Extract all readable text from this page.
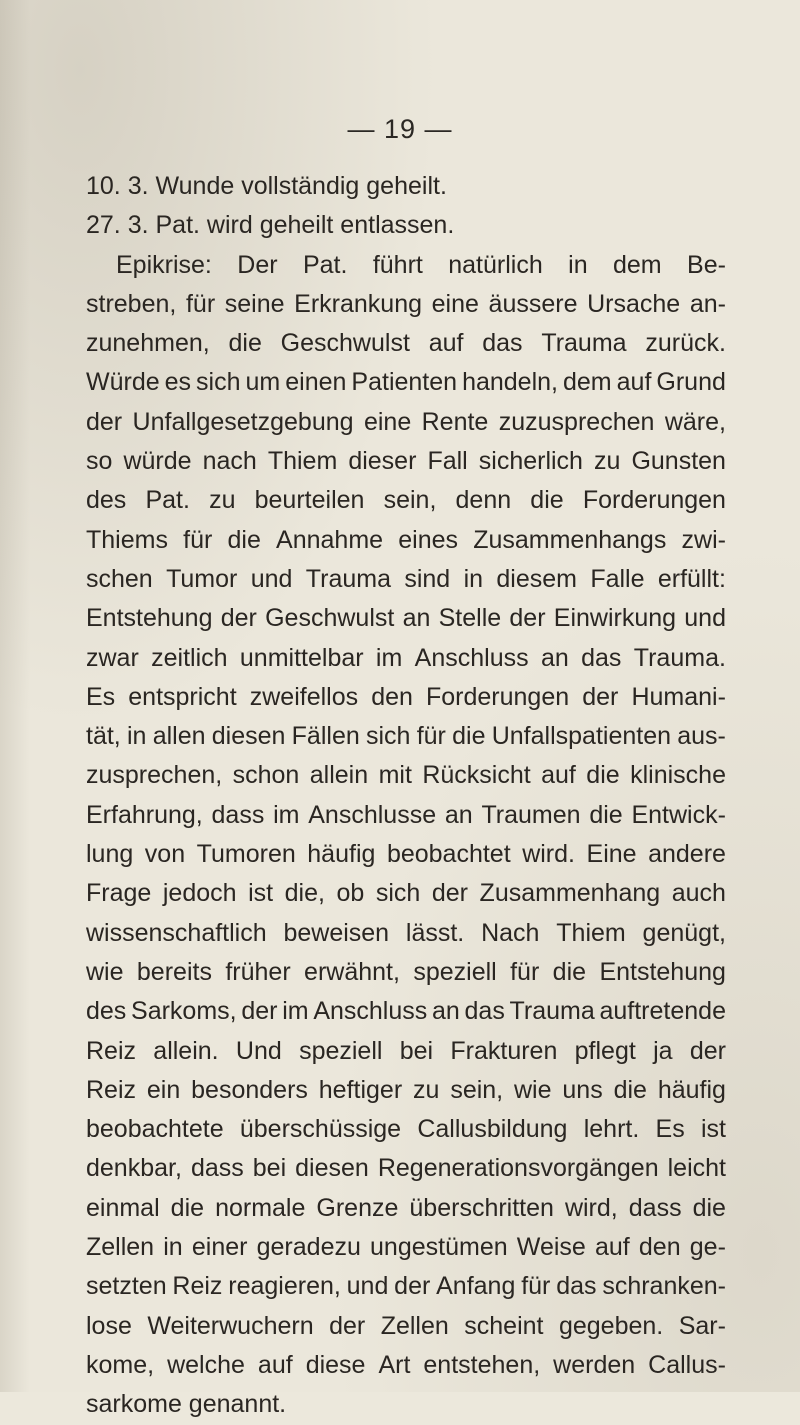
— 19 —
10. 3. Wunde vollständig geheilt.
27. 3. Pat. wird geheilt entlassen.
Epikrise: Der Pat. führt natürlich in dem Be-
streben, für seine Erkrankung eine äussere Ursache an-
zunehmen, die Geschwulst auf das Trauma zurück.
Würde es sich um einen Patienten handeln, dem auf Grund
der Unfallgesetzgebung eine Rente zuzusprechen wäre,
so würde nach Thiem dieser Fall sicherlich zu Gunsten
des Pat. zu beurteilen sein, denn die Forderungen
Thiems für die Annahme eines Zusammenhangs zwi-
schen Tumor und Trauma sind in diesem Falle erfüllt:
Entstehung der Geschwulst an Stelle der Einwirkung und
zwar zeitlich unmittelbar im Anschluss an das Trauma.
Es entspricht zweifellos den Forderungen der Humani-
tät, in allen diesen Fällen sich für die Unfallspatienten aus-
zusprechen, schon allein mit Rücksicht auf die klinische
Erfahrung, dass im Anschlusse an Traumen die Entwick-
lung von Tumoren häufig beobachtet wird. Eine andere
Frage jedoch ist die, ob sich der Zusammenhang auch
wissenschaftlich beweisen lässt. Nach Thiem genügt,
wie bereits früher erwähnt, speziell für die Entstehung
des Sarkoms, der im Anschluss an das Trauma auftretende
Reiz allein. Und speziell bei Frakturen pflegt ja der
Reiz ein besonders heftiger zu sein, wie uns die häufig
beobachtete überschüssige Callusbildung lehrt. Es ist
denkbar, dass bei diesen Regenerationsvorgängen leicht
einmal die normale Grenze überschritten wird, dass die
Zellen in einer geradezu ungestümen Weise auf den ge-
setzten Reiz reagieren, und der Anfang für das schranken-
lose Weiterwuchern der Zellen scheint gegeben. Sar-
kome, welche auf diese Art entstehen, werden Callus-
sarkome genannt.
